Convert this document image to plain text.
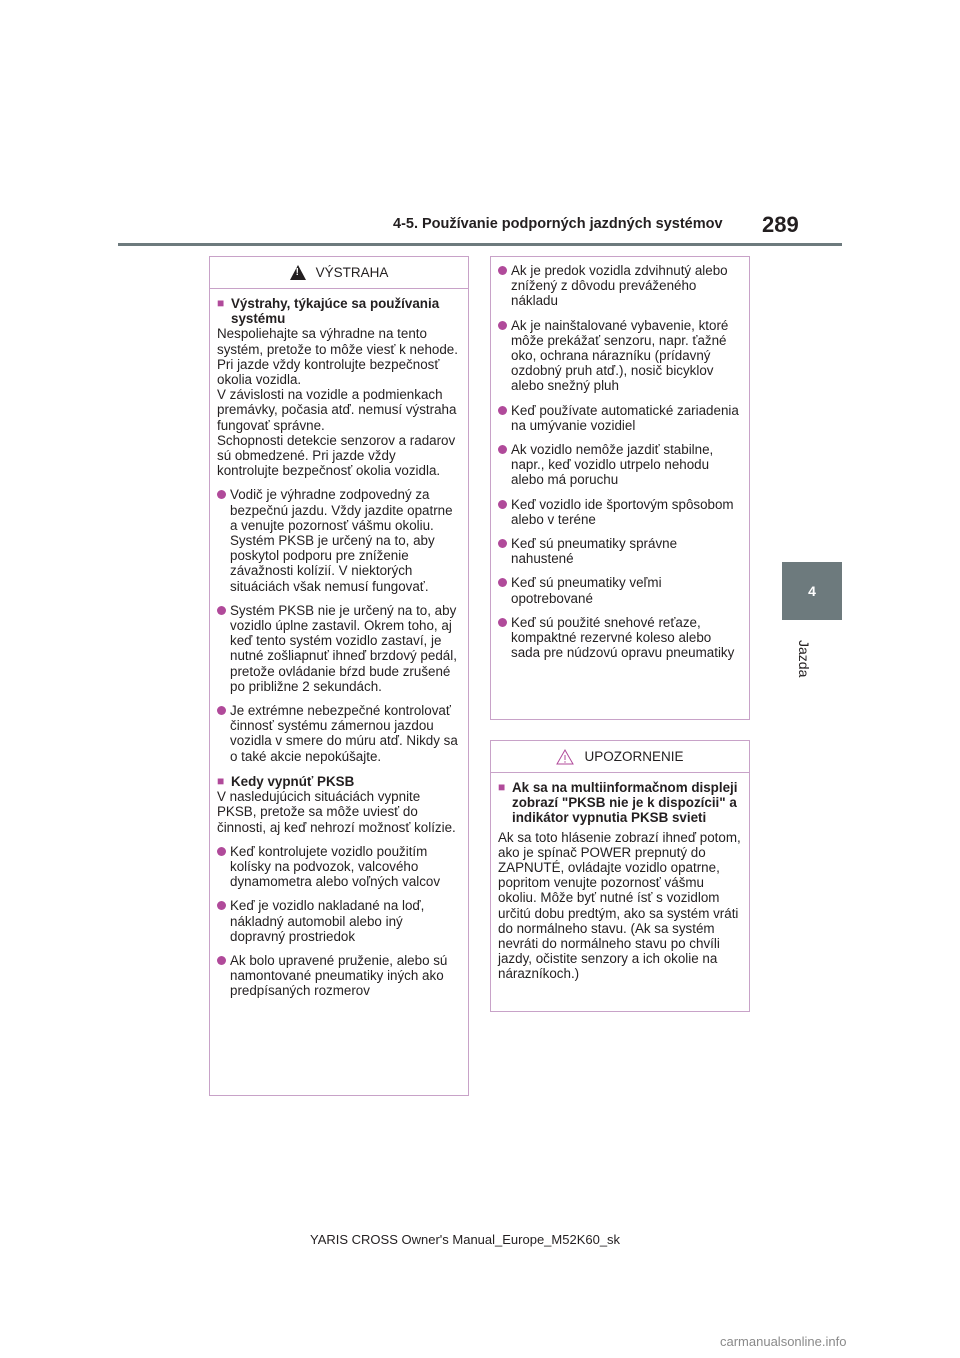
4-5. Používanie podporných jazdných systémov 289
4
Jazda
!
VÝSTRAHA
■ Výstrahy, týkajúce sa používania systému

Nespoliehajte sa výhradne na tento systém, pretože to môže viesť k nehode.

Pri jazde vždy kontrolujte bezpečnosť okolia vozidla.

V závislosti na vozidle a podmienkach premávky, počasia atď. nemusí výstraha fungovať správne.

Schopnosti detekcie senzorov a radarov sú obmedzené. Pri jazde vždy kontrolujte bezpečnosť okolia vozidla.

Vodič je výhradne zodpovedný za bezpečnú jazdu. Vždy jazdite opatrne a venujte pozornosť vášmu okoliu. Systém PKSB je určený na to, aby poskytol podporu pre zníženie závažnosti kolízií. V niektorých situáciách však nemusí fungovať.
Systém PKSB nie je určený na to, aby vozidlo úplne zastavil. Okrem toho, aj keď tento systém vozidlo zastaví, je nutné zošliapnuť ihneď brzdový pedál, pretože ovládanie bŕzd bude zrušené po približne 2 sekundách.
Je extrémne nebezpečné kontrolovať činnosť systému zámernou jazdou vozidla v smere do múru atď. Nikdy sa o také akcie nepokúšajte.
■ Kedy vypnúť PKSB

V nasledujúcich situáciách vypnite PKSB, pretože sa môže uviesť do činnosti, aj keď nehrozí možnosť kolízie.

Keď kontrolujete vozidlo použitím kolísky na podvozok, valcového dynamometra alebo voľných valcov
Keď je vozidlo nakladané na loď, nákladný automobil alebo iný dopravný prostriedok
Ak bolo upravené pruženie, alebo sú namontované pneumatiky iných ako predpísaných rozmerov
Ak je predok vozidla zdvihnutý alebo znížený z dôvodu preváženého nákladu
Ak je nainštalované vybavenie, ktoré môže prekážať senzoru, napr. ťažné oko, ochrana nárazníku (prídavný ozdobný pruh atď.), nosič bicyklov alebo snežný pluh
Keď používate automatické zariadenia na umývanie vozidiel
Ak vozidlo nemôže jazdiť stabilne, napr., keď vozidlo utrpelo nehodu alebo má poruchu
Keď vozidlo ide športovým spôsobom alebo v teréne
Keď sú pneumatiky správne nahustené
Keď sú pneumatiky veľmi opotrebované
Keď sú použité snehové reťaze, kompaktné rezervné koleso alebo sada pre núdzovú opravu pneumatiky
UPOZORNENIE
■ Ak sa na multiinformačnom displeji zobrazí "PKSB nie je k dispozícii" a indikátor vypnutia PKSB svieti

Ak sa toto hlásenie zobrazí ihneď potom, ako je spínač POWER prepnutý do ZAPNUTÉ, ovládajte vozidlo opatrne, popritom venujte pozornosť vášmu okoliu. Môže byť nutné ísť s vozidlom určitú dobu predtým, ako sa systém vráti do normálneho stavu. (Ak sa systém nevráti do normálneho stavu po chvíli jazdy, očistite senzory a ich okolie na nárazníkoch.)

YARIS CROSS Owner's Manual_Europe_M52K60_sk
carmanualsonline.info
